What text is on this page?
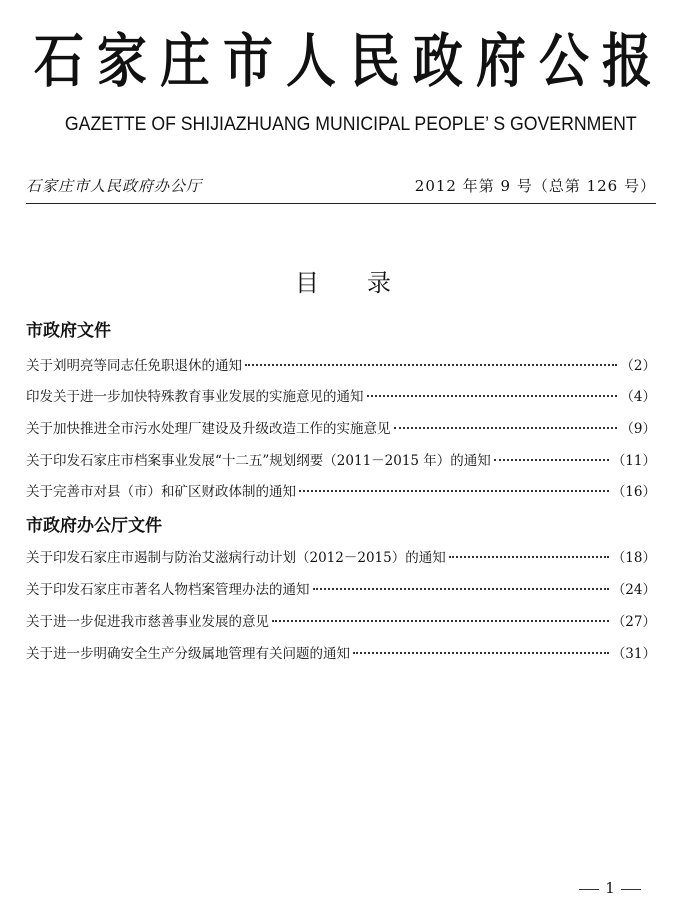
石 家 庄 市 人 民 政 府 公 报
GAZETTE OF SHIJIAZHUANG MUNICIPAL PEOPLE’ S GOVERNMENT
石家庄市人民政府办公厅	2012 年第 9 号（总第 126 号）
目录
市政府文件
关于刘明亮等同志任免职退休的通知	（2）
印发关于进一步加快特殊教育事业发展的实施意见的通知	（4）
关于加快推进全市污水处理厂建设及升级改造工作的实施意见	（9）
关于印发石家庄市档案事业发展“十二五”规划纲要（2011－2015 年）的通知	（11）
关于完善市对县（市）和矿区财政体制的通知	（16）
市政府办公厅文件
关于印发石家庄市遏制与防治艾滋病行动计划（2012－2015）的通知	（18）
关于印发石家庄市著名人物档案管理办法的通知	（24）
关于进一步促进我市慈善事业发展的意见	（27）
关于进一步明确安全生产分级属地管理有关问题的通知	（31）
1
